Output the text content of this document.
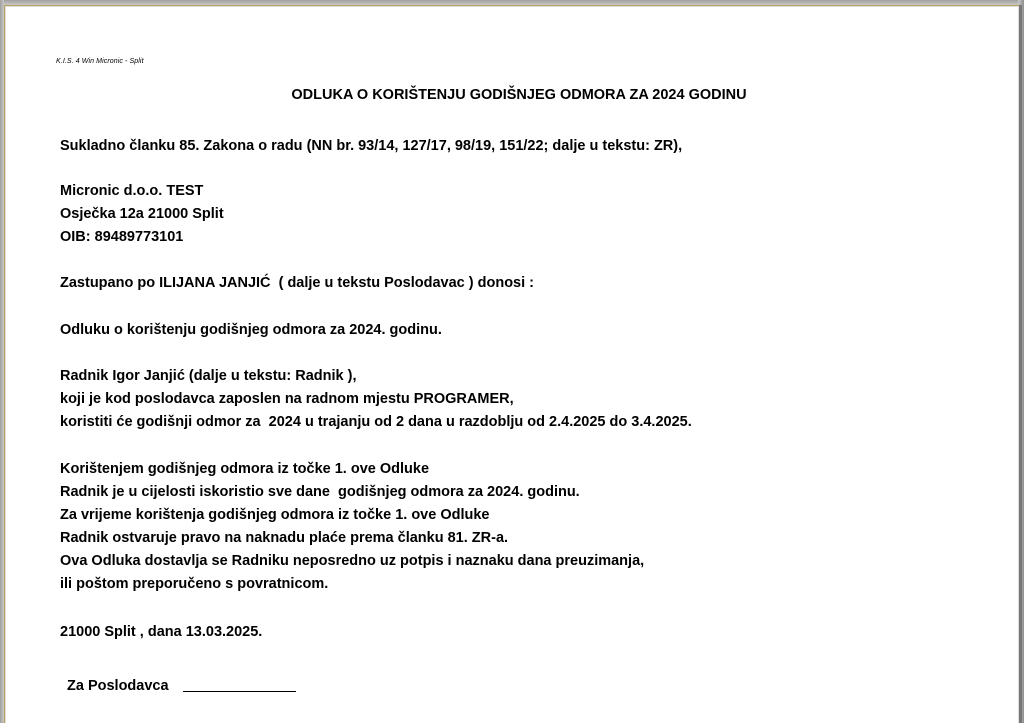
K.I.S. 4 Win Micronic - Split
ODLUKA O KORIŠTENJU GODIŠNJEG ODMORA ZA 2024 GODINU
Sukladno članku 85. Zakona o radu (NN br. 93/14, 127/17, 98/19, 151/22; dalje u tekstu: ZR),
Micronic d.o.o. TEST
Osječka 12a 21000 Split
OIB: 89489773101
Zastupano po ILIJANA JANJIĆ  ( dalje u tekstu Poslodavac ) donosi :
Odluku o korištenju godišnjeg odmora za 2024. godinu.
Radnik Igor Janjić (dalje u tekstu: Radnik ),
koji je kod poslodavca zaposlen na radnom mjestu PROGRAMER,
koristiti će godišnji odmor za  2024 u trajanju od 2 dana u razdoblju od 2.4.2025 do 3.4.2025.
Korištenjem godišnjeg odmora iz točke 1. ove Odluke
Radnik je u cijelosti iskoristio sve dane  godišnjeg odmora za 2024. godinu.
Za vrijeme korištenja godišnjeg odmora iz točke 1. ove Odluke
Radnik ostvaruje pravo na naknadu plaće prema članku 81. ZR-a.
Ova Odluka dostavlja se Radniku neposredno uz potpis i naznaku dana preuzimanja,
ili poštom preporučeno s povratnicom.
21000 Split , dana 13.03.2025.
Za Poslodavca
